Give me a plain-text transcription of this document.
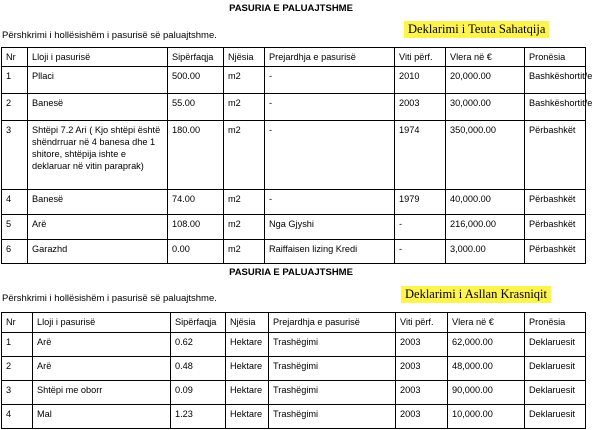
PASURIA E PALUAJTSHME
Përshkrimi i hollësishëm i pasurisë së paluajtshme.	Deklarimi i Teuta Sahatqija
Nr	Lloji i pasurisë	Sipërfaqja	Njësia	Prejardhja e pasurisë	Viti përf.	Vlera në €	Pronësia
1	Pllaci	500.00	m2	-	2010	20,000.00	Bashkëshortit/e
2	Banesë	55.00	m2	-	2003	30,000.00	Bashkëshortit/e
3	Shtëpi 7.2 Ari ( Kjo shtëpi është shëndrruar në 4 banesa dhe 1 shitore, shtëpija ishte e deklaruar në vitin paraprak)	180.00	m2	-	1974	350,000.00	Përbashkët
4	Banesë	74.00	m2	-	1979	40,000.00	Përbashkët
5	Arë	108.00	m2	Nga Gjyshi	-	216,000.00	Përbashkët
6	Garazhd	0.00	m2	Raiffaisen lizing Kredi	-	3,000.00	Përbashkët
PASURIA E PALUAJTSHME
Përshkrimi i hollësishëm i pasurisë së paluajtshme.	Deklarimi i Asllan Krasniqit
Nr	Lloji i pasurisë	Sipërfaqja	Njësia	Prejardhja e pasurisë	Viti përf.	Vlera në €	Pronësia
1	Arë	0.62	Hektare	Trashëgimi	2003	62,000.00	Deklaruesit
2	Arë	0.48	Hektare	Trashëgimi	2003	48,000.00	Deklaruesit
3	Shtëpi me oborr	0.09	Hektare	Trashëgimi	2003	90,000.00	Deklaruesit
4	Mal	1.23	Hektare	Trashëgimi	2003	10,000.00	Deklaruesit
